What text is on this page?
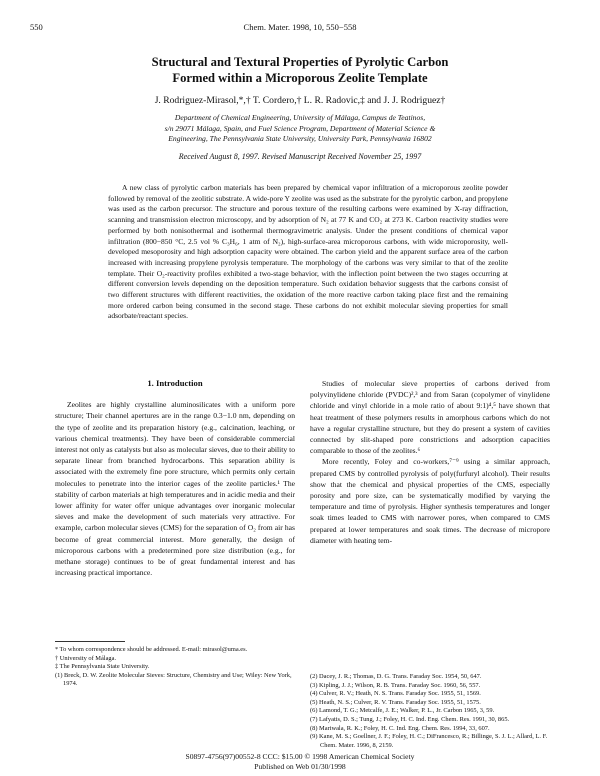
550	Chem. Mater. 1998, 10, 550−558
Structural and Textural Properties of Pyrolytic Carbon
Formed within a Microporous Zeolite Template
J. Rodriguez-Mirasol,*,† T. Cordero,† L. R. Radovic,‡ and J. J. Rodriguez†
Department of Chemical Engineering, University of Málaga, Campus de Teatinos,
s/n 29071 Málaga, Spain, and Fuel Science Program, Department of Material Science &
Engineering, The Pennsylvania State University, University Park, Pennsylvania 16802
Received August 8, 1997. Revised Manuscript Received November 25, 1997
A new class of pyrolytic carbon materials has been prepared by chemical vapor infiltration of a microporous zeolite powder followed by removal of the zeolitic substrate. A wide-pore Y zeolite was used as the substrate for the pyrolytic carbon, and propylene was used as the carbon precursor. The structure and porous texture of the resulting carbons were examined by X-ray diffraction, scanning and transmission electron microscopy, and by adsorption of N₂ at 77 K and CO₂ at 273 K. Carbon reactivity studies were performed by both nonisothermal and isothermal thermogravimetric analysis. Under the present conditions of chemical vapor infiltration (800−850 °C, 2.5 vol % C₃H₆, 1 atm of N₂), high-surface-area microporous carbons, with wide microporosity, well-developed mesoporosity and high adsorption capacity were obtained. The carbon yield and the apparent surface area of the carbon increased with increasing propylene pyrolysis temperature. The morphology of the carbons was very similar to that of the zeolite template. Their O₂-reactivity profiles exhibited a two-stage behavior, with the inflection point between the two stages occurring at different conversion levels depending on the deposition temperature. Such oxidation behavior suggests that the carbons consist of two different structures with different reactivities, the oxidation of the more reactive carbon taking place first and the remaining more ordered carbon being consumed in the second stage. These carbons do not exhibit molecular sieving properties for small adsorbate/reactant species.
1. Introduction

Zeolites are highly crystalline aluminosilicates with a uniform pore structure; Their channel apertures are in the range 0.3−1.0 nm, depending on the type of zeolite and its preparation history (e.g., calcination, leaching, or various chemical treatments). They have been of considerable commercial interest not only as catalysts but also as molecular sieves, due to their ability to separate linear from branched hydrocarbons. This separation ability is associated with the extremely fine pore structure, which permits only certain molecules to penetrate into the interior cages of the zeolite particles.¹ The stability of carbon materials at high temperatures and in acidic media and their lower affinity for water offer unique advantages over inorganic molecular sieves and make the development of such materials very attractive. For example, carbon molecular sieves (CMS) for the separation of O₂ from air has become of great commercial interest. More generally, the design of microporous carbons with a predetermined pore size distribution (e.g., for methane storage) continues to be of great fundamental interest and has increasing practical importance.

Studies of molecular sieve properties of carbons derived from polyvinylidene chloride (PVDC)²,³ and from Saran (copolymer of vinylidene chloride and vinyl chloride in a mole ratio of about 9:1)⁴,⁵ have shown that heat treatment of these polymers results in amorphous carbons which do not have a regular crystalline structure, but they do present a system of cavities connected by slit-shaped pore constrictions and adsorption capacities comparable to those of the zeolites.⁶

More recently, Foley and co-workers,⁷⁻⁹ using a similar approach, prepared CMS by controlled pyrolysis of poly(furfuryl alcohol). Their results show that the chemical and physical properties of the CMS, especially porosity and pore size, can be systematically modified by varying the temperature and time of pyrolysis. Higher synthesis temperatures and longer soak times leaded to CMS with narrower pores, when compared to CMS prepared at lower temperatures and soak times. The decrease of micropore diameter with heating tem-

* To whom correspondence should be addressed. E-mail: mirasol@uma.es.
† University of Málaga.
‡ The Pennsylvania State University.
(1) Breck, D. W. Zeolite Molecular Sieves: Structure, Chemistry and Use; Wiley: New York, 1974.
(2) Dacey, J. R.; Thomas, D. G. Trans. Faraday Soc. 1954, 50, 647.
(3) Kipling, J. J.; Wilson, R. B. Trans. Faraday Soc. 1960, 56, 557.
(4) Culver, R. V.; Heath, N. S. Trans. Faraday Soc. 1955, 51, 1569.
(5) Heath, N. S.; Culver, R. V. Trans. Faraday Soc. 1955, 51, 1575.
(6) Lamond, T. G.; Metcalfe, J. E.; Walker, P. L., Jr. Carbon 1965, 3, 59.
(7) Lafyatis, D. S.; Tung, J.; Foley, H. C. Ind. Eng. Chem. Res. 1991, 30, 865.
(8) Mariwala, R. K.; Foley, H. C. Ind. Eng. Chem. Res. 1994, 33, 607.
(9) Kane, M. S.; Goellner, J. F.; Foley, H. C.; DiFrancesco, R.; Billinge, S. J. L.; Allard, L. F. Chem. Mater. 1996, 8, 2159.
S0897-4756(97)00552-8 CCC: $15.00 © 1998 American Chemical Society
Published on Web 01/30/1998
